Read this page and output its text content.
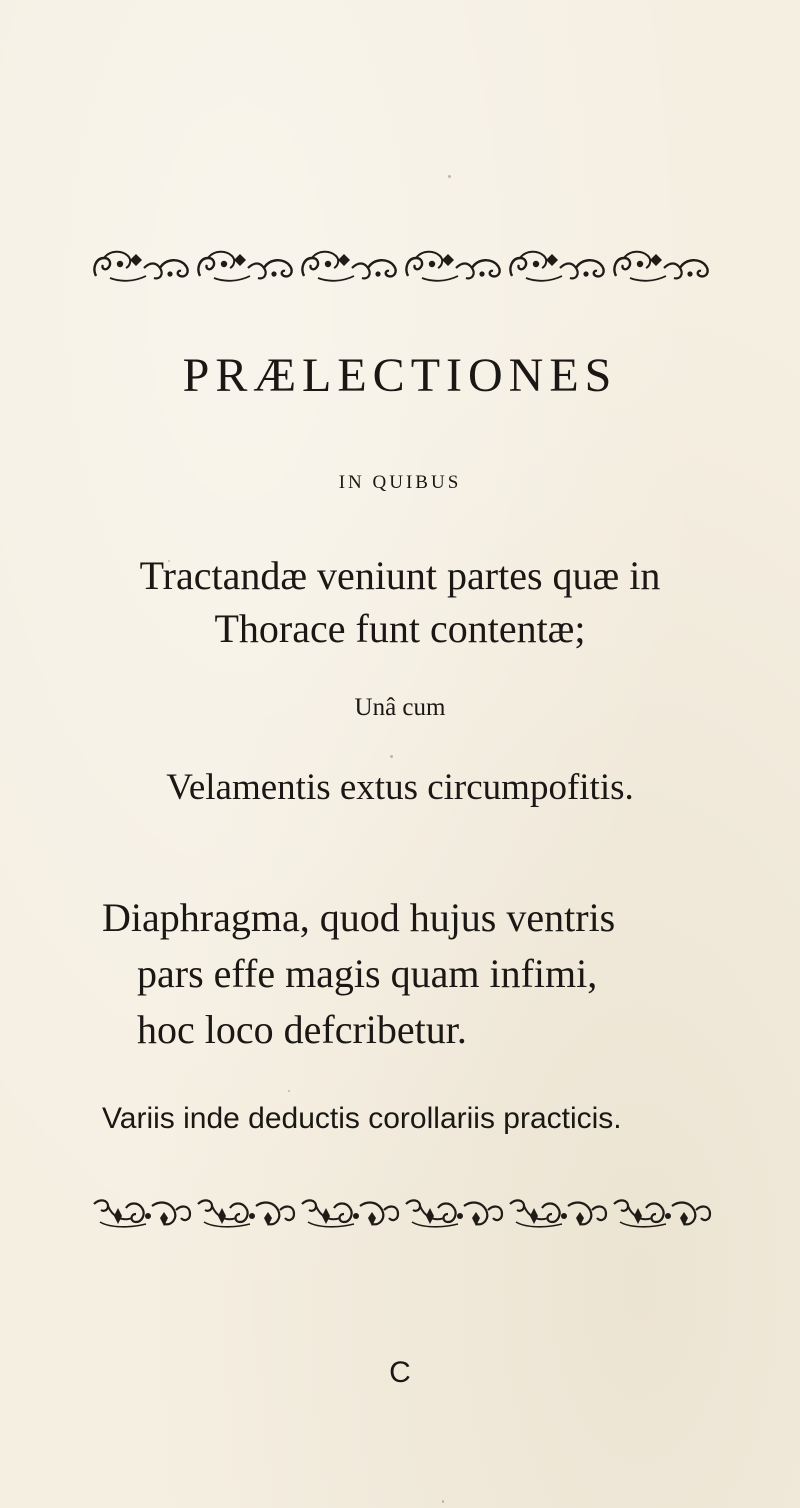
PRÆLECTIONES
IN QUIBUS
Tractandæ veniunt partes quæ in
Thorace funt contentæ;
Unâ cum
Velamentis extus circumpofitis.
Diaphragma, quod hujus ventris
pars effe magis quam infimi,
hoc loco defcribetur.
Variis inde deductis corollariis practicis.
C
